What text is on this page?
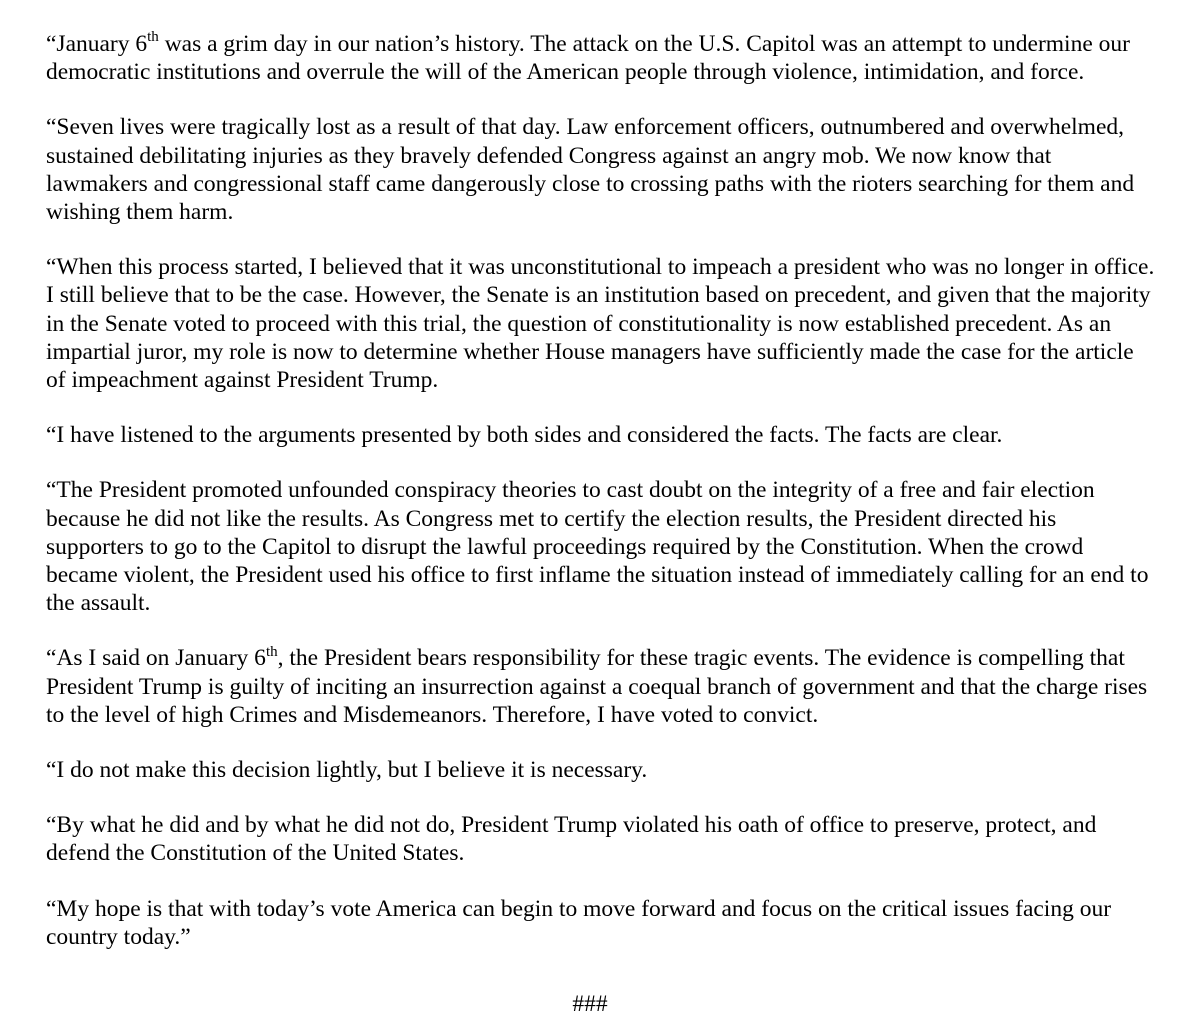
“January 6th was a grim day in our nation’s history. The attack on the U.S. Capitol was an attempt to undermine our democratic institutions and overrule the will of the American people through violence, intimidation, and force.

“Seven lives were tragically lost as a result of that day. Law enforcement officers, outnumbered and overwhelmed, sustained debilitating injuries as they bravely defended Congress against an angry mob. We now know that lawmakers and congressional staff came dangerously close to crossing paths with the rioters searching for them and wishing them harm.

“When this process started, I believed that it was unconstitutional to impeach a president who was no longer in office. I still believe that to be the case. However, the Senate is an institution based on precedent, and given that the majority in the Senate voted to proceed with this trial, the question of constitutionality is now established precedent. As an impartial juror, my role is now to determine whether House managers have sufficiently made the case for the article of impeachment against President Trump.

“I have listened to the arguments presented by both sides and considered the facts. The facts are clear.

“The President promoted unfounded conspiracy theories to cast doubt on the integrity of a free and fair election because he did not like the results. As Congress met to certify the election results, the President directed his supporters to go to the Capitol to disrupt the lawful proceedings required by the Constitution. When the crowd became violent, the President used his office to first inflame the situation instead of immediately calling for an end to the assault.

“As I said on January 6th, the President bears responsibility for these tragic events. The evidence is compelling that President Trump is guilty of inciting an insurrection against a coequal branch of government and that the charge rises to the level of high Crimes and Misdemeanors. Therefore, I have voted to convict.

“I do not make this decision lightly, but I believe it is necessary.

“By what he did and by what he did not do, President Trump violated his oath of office to preserve, protect, and defend the Constitution of the United States.

“My hope is that with today’s vote America can begin to move forward and focus on the critical issues facing our country today.”

###
